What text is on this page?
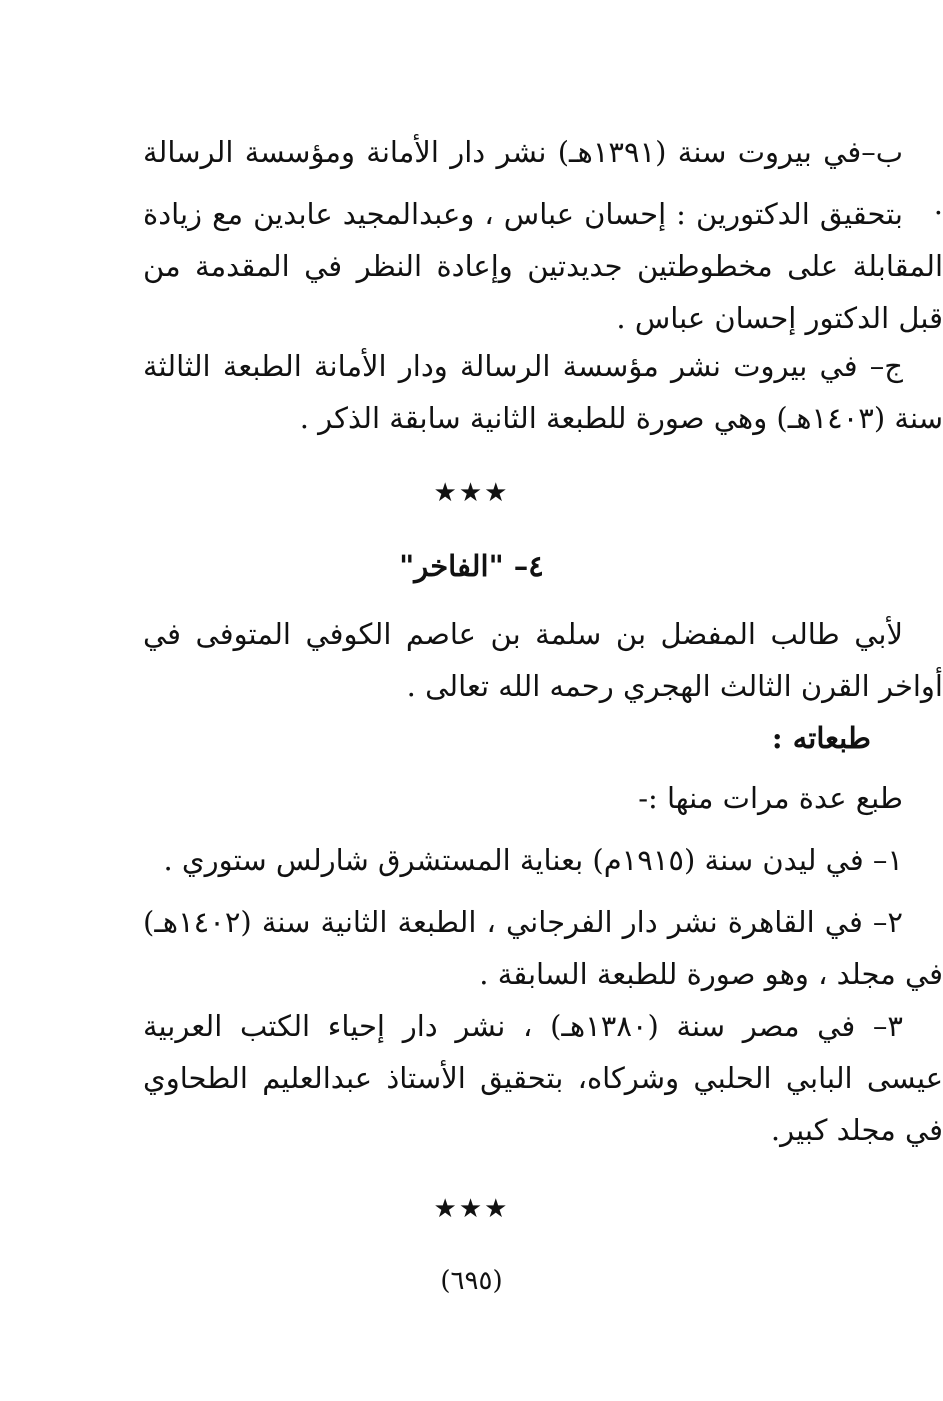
ب–في بيروت سنة (١٣٩١هـ) نشر دار الأمانة ومؤسسة الرسالة .

بتحقيق الدكتورين : إحسان عباس ، وعبدالمجيد عابدين مع زيادة المقابلة على مخطوطتين جديدتين وإعادة النظر في المقدمة من قبل الدكتور إحسان عباس .

ج– في بيروت نشر مؤسسة الرسالة ودار الأمانة الطبعة الثالثة سنة (١٤٠٣هـ) وهي صورة للطبعة الثانية سابقة الذكر .

★★★
٤– "الفاخر"

لأبي طالب المفضل بن سلمة بن عاصم الكوفي المتوفى في أواخر القرن الثالث الهجري رحمه الله تعالى .

طبعاته :

طبع عدة مرات منها :-

١– في ليدن سنة (١٩١٥م) بعناية المستشرق شارلس ستوري .

٢– في القاهرة نشر دار الفرجاني ، الطبعة الثانية سنة (١٤٠٢هـ) في مجلد ، وهو صورة للطبعة السابقة .

٣– في مصر سنة (١٣٨٠هـ) ، نشر دار إحياء الكتب العربية عيسى البابي الحلبي وشركاه، بتحقيق الأستاذ عبدالعليم الطحاوي في مجلد كبير.

★★★
(٦٩٥)
